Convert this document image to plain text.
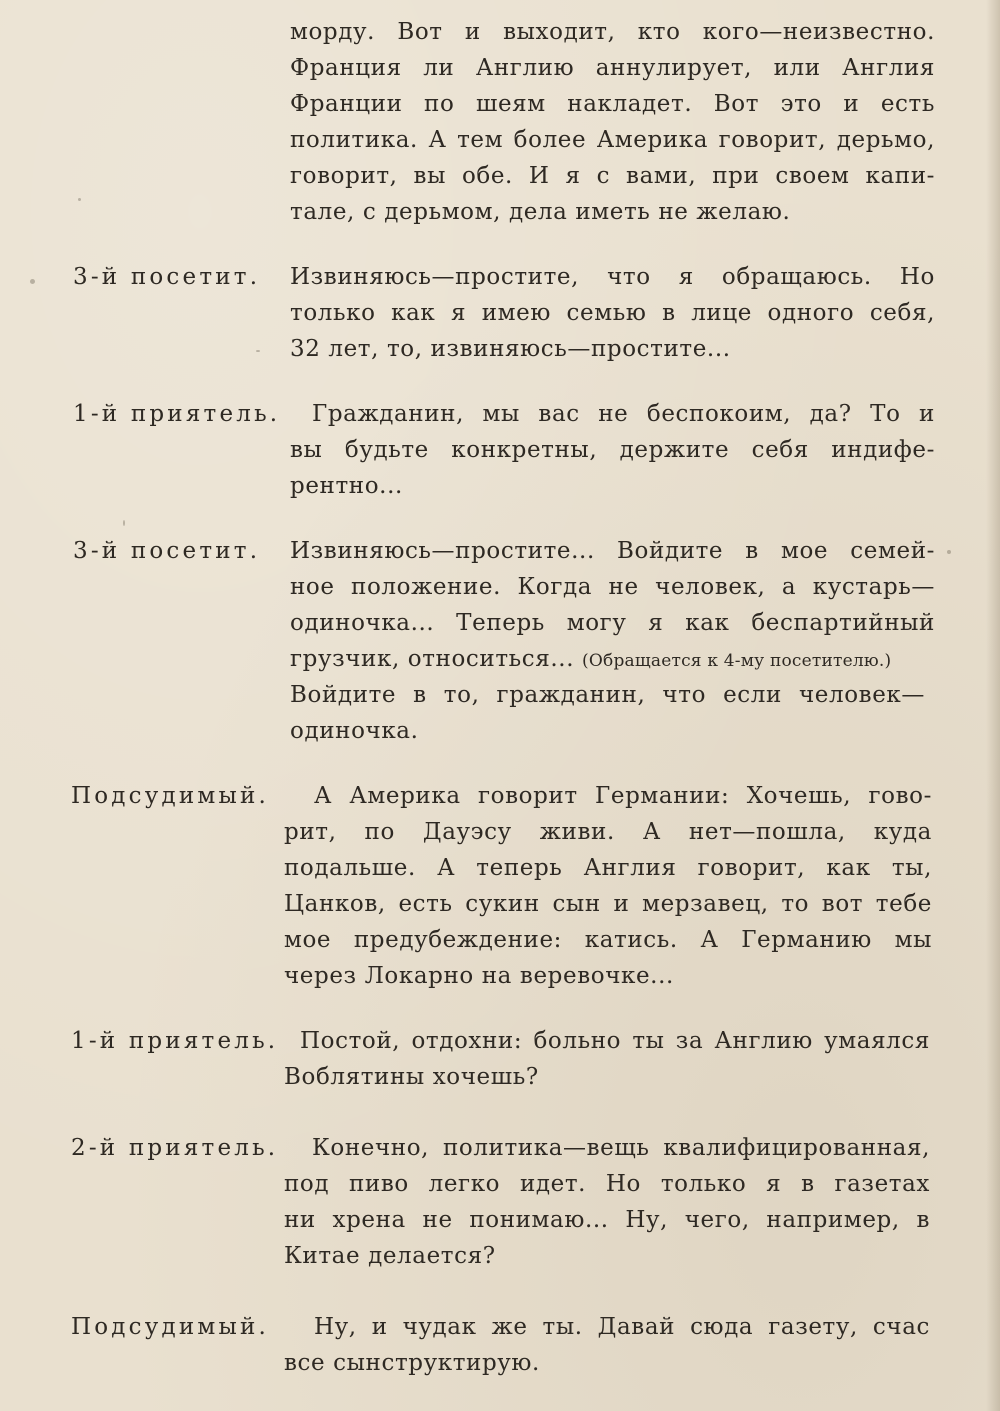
морду. Вот и выходит, кто кого—неизвестно.
Франция ли Англию аннулирует, или Англия
Франции по шеям накладет. Вот это и есть
политика. А тем более Америка говорит, дерьмо,
говорит, вы обе. И я с вами, при своем капи-
тале, с дерьмом, дела иметь не желаю.
3-й посетит. Извиняюсь—простите, что я обращаюсь. Но
только как я имею семью в лице одного себя,
32 лет, то, извиняюсь—простите...
1-й приятель. Гражданин, мы вас не беспокоим, да? То и
вы будьте конкретны, держите себя индифе-
рентно...
3-й посетит. Извиняюсь—простите... Войдите в мое семей-
ное положение. Когда не человек, а кустарь—
одиночка... Теперь могу я как беспартийный
грузчик, относиться... (Обращается к 4-му посетителю.)
Войдите в то, гражданин, что если человек—
одиночка.
Подсудимый. А Америка говорит Германии: Хочешь, гово-
рит, по Дауэсу живи. А нет—пошла, куда
подальше. А теперь Англия говорит, как ты,
Цанков, есть сукин сын и мерзавец, то вот тебе
мое предубеждение: катись. А Германию мы
через Локарно на веревочке...
1-й приятель. Постой, отдохни: больно ты за Англию умаялся
Воблятины хочешь?
2-й приятель. Конечно, политика—вещь квалифицированная,
под пиво легко идет. Но только я в газетах
ни хрена не понимаю... Ну, чего, например, в
Китае делается?
Подсудимый. Ну, и чудак же ты. Давай сюда газету, счас
все сынструктирую.
